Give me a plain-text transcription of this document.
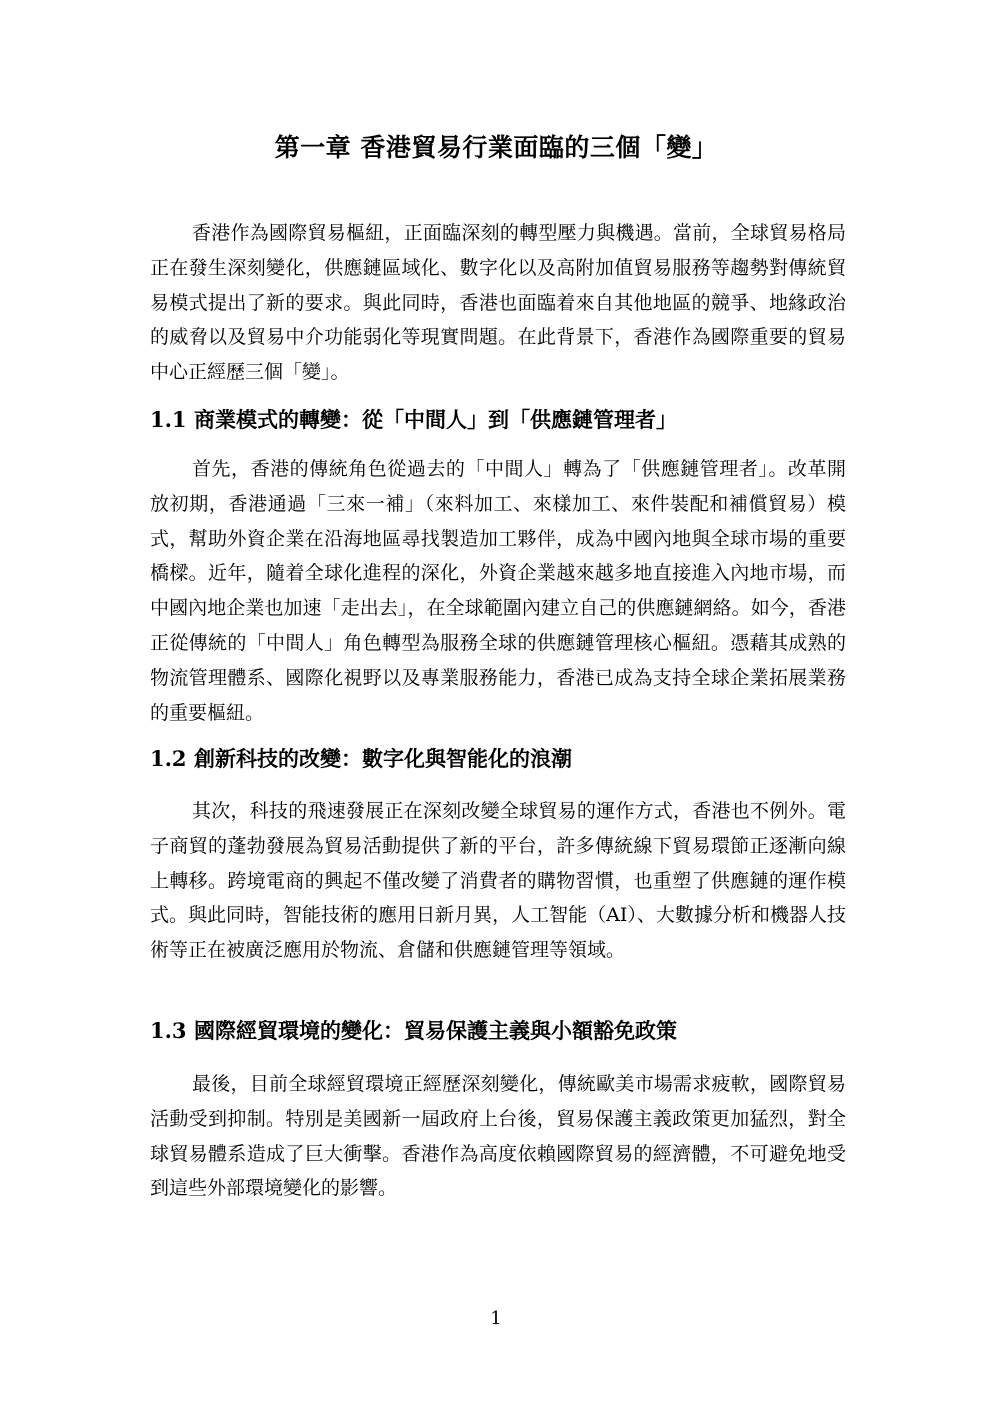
第一章 香港貿易行業面臨的三個「變」

香港作為國際貿易樞紐，正面臨深刻的轉型壓力與機遇。當前，全球貿易格局正在發生深刻變化，供應鏈區域化、數字化以及高附加值貿易服務等趨勢對傳統貿易模式提出了新的要求。與此同時，香港也面臨着來自其他地區的競爭、地緣政治的威脅以及貿易中介功能弱化等現實問題。在此背景下，香港作為國際重要的貿易中心正經歷三個「變」。

1.1 商業模式的轉變：從「中間人」到「供應鏈管理者」

首先，香港的傳統角色從過去的「中間人」轉為了「供應鏈管理者」。改革開放初期，香港通過「三來一補」（來料加工、來樣加工、來件裝配和補償貿易）模式，幫助外資企業在沿海地區尋找製造加工夥伴，成為中國內地與全球市場的重要橋樑。近年，隨着全球化進程的深化，外資企業越來越多地直接進入內地市場，而中國內地企業也加速「走出去」，在全球範圍內建立自己的供應鏈網絡。如今，香港正從傳統的「中間人」角色轉型為服務全球的供應鏈管理核心樞紐。憑藉其成熟的物流管理體系、國際化視野以及專業服務能力，香港已成為支持全球企業拓展業務的重要樞紐。

1.2 創新科技的改變：數字化與智能化的浪潮

其次，科技的飛速發展正在深刻改變全球貿易的運作方式，香港也不例外。電子商貿的蓬勃發展為貿易活動提供了新的平台，許多傳統線下貿易環節正逐漸向線上轉移。跨境電商的興起不僅改變了消費者的購物習慣，也重塑了供應鏈的運作模式。與此同時，智能技術的應用日新月異，人工智能（AI）、大數據分析和機器人技術等正在被廣泛應用於物流、倉儲和供應鏈管理等領域。

1.3 國際經貿環境的變化：貿易保護主義與小額豁免政策

最後，目前全球經貿環境正經歷深刻變化，傳統歐美市場需求疲軟，國際貿易活動受到抑制。特別是美國新一屆政府上台後，貿易保護主義政策更加猛烈，對全球貿易體系造成了巨大衝擊。香港作為高度依賴國際貿易的經濟體，不可避免地受到這些外部環境變化的影響。

1
